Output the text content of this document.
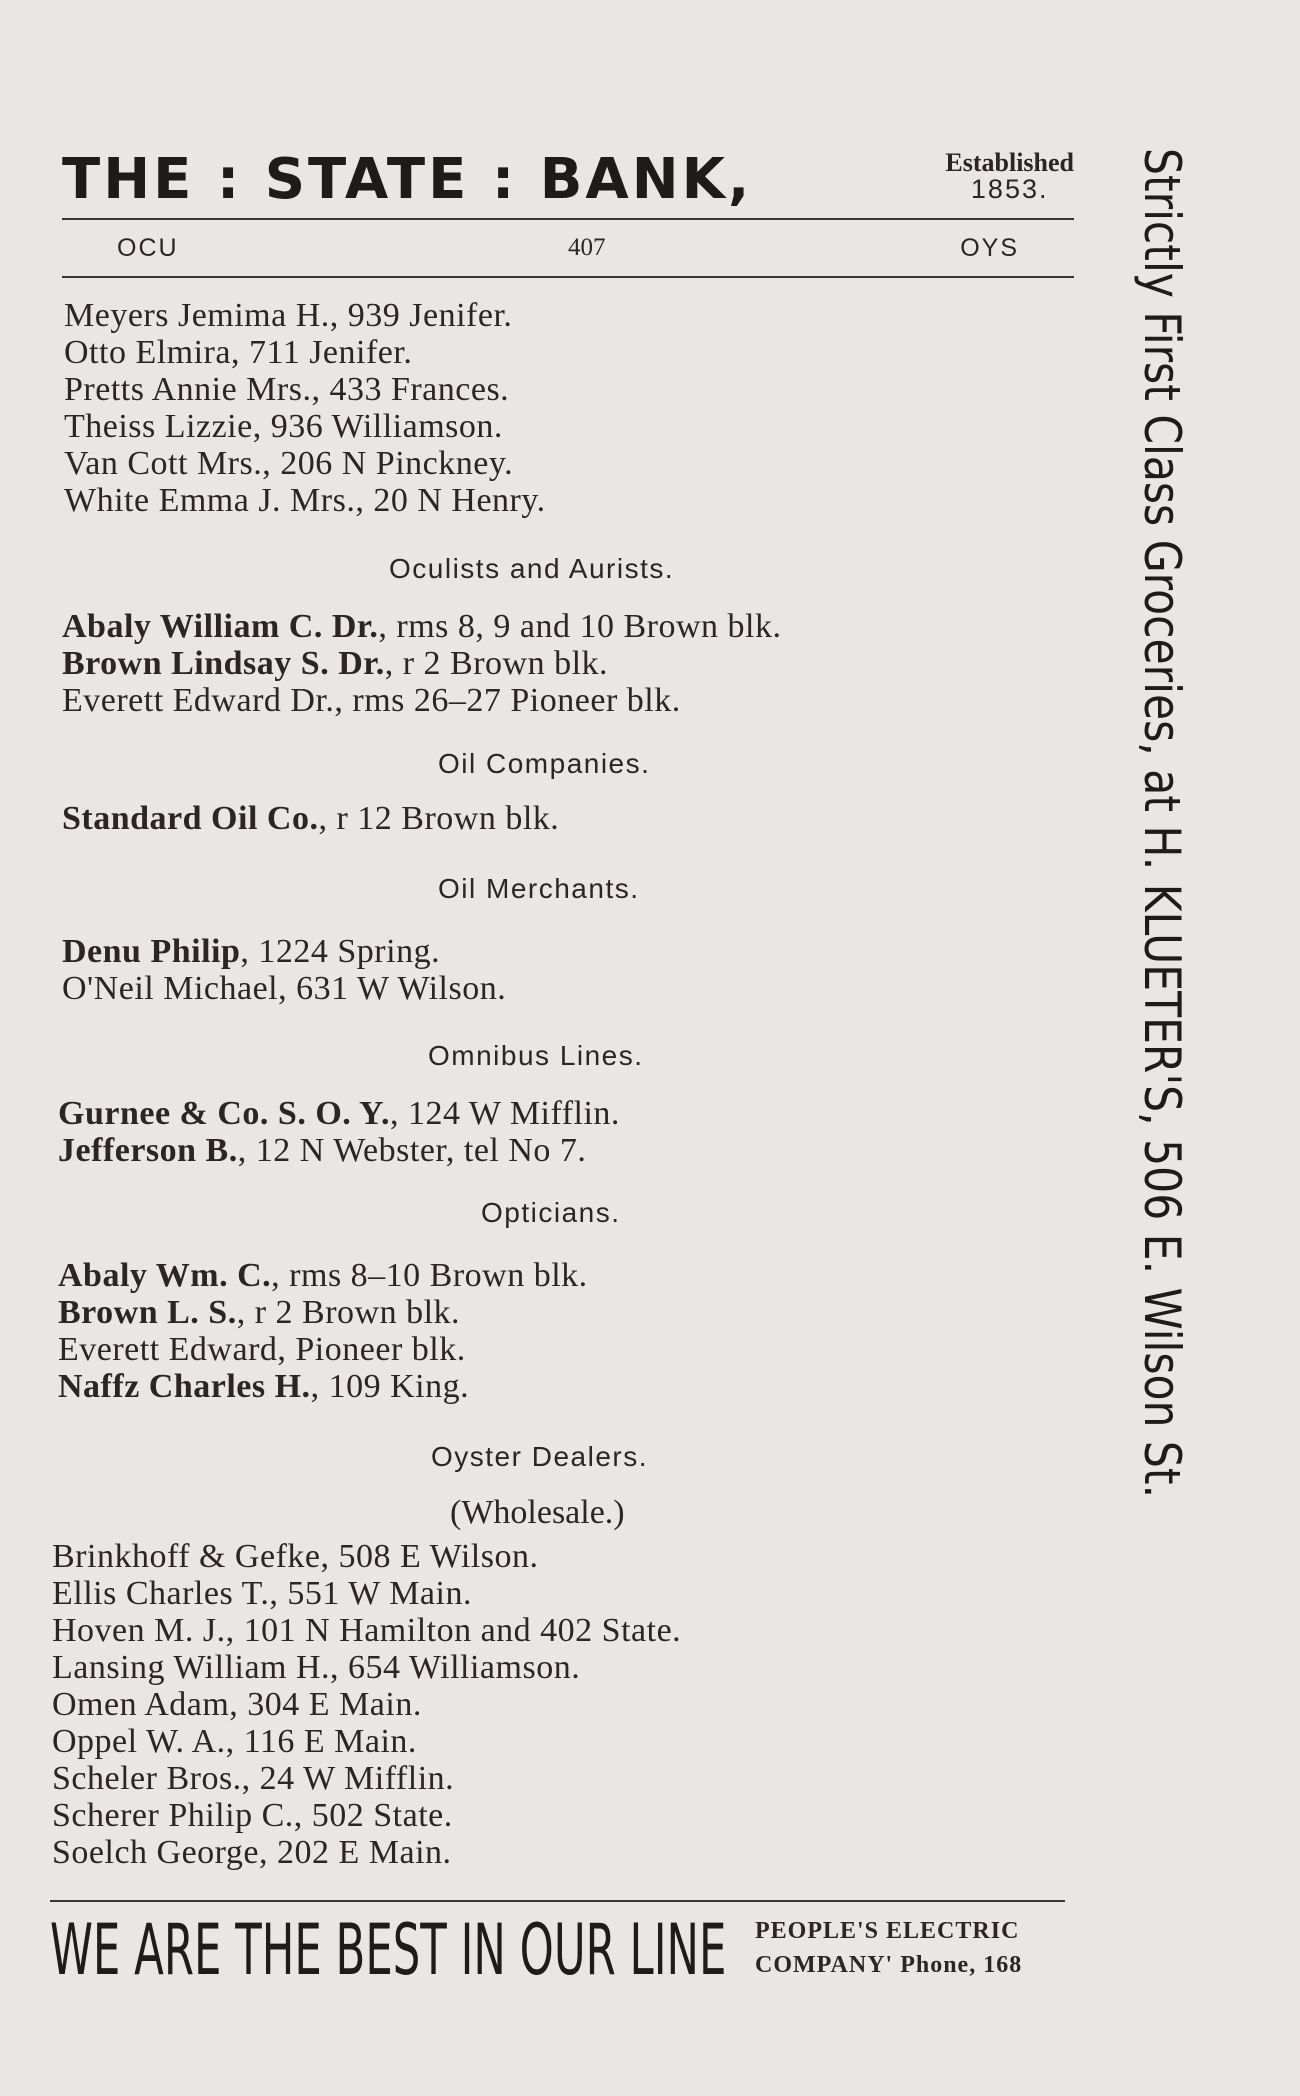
THE : STATE : BANK,	Established
1853.
OCU	407	OYS
Meyers Jemima H., 939 Jenifer.
Otto Elmira, 711 Jenifer.
Pretts Annie Mrs., 433 Frances.
Theiss Lizzie, 936 Williamson.
Van Cott Mrs., 206 N Pinckney.
White Emma J. Mrs., 20 N Henry.
Oculists and Aurists.
Abaly William C. Dr., rms 8, 9 and 10 Brown blk.
Brown Lindsay S. Dr., r 2 Brown blk.
Everett Edward Dr., rms 26–27 Pioneer blk.
Oil Companies.
Standard Oil Co., r 12 Brown blk.
Oil Merchants.
Denu Philip, 1224 Spring.
O'Neil Michael, 631 W Wilson.
Omnibus Lines.
Gurnee & Co. S. O. Y., 124 W Mifflin.
Jefferson B., 12 N Webster, tel No 7.
Opticians.
Abaly Wm. C., rms 8–10 Brown blk.
Brown L. S., r 2 Brown blk.
Everett Edward, Pioneer blk.
Naffz Charles H., 109 King.
Oyster Dealers.
(Wholesale.)
Brinkhoff & Gefke, 508 E Wilson.
Ellis Charles T., 551 W Main.
Hoven M. J., 101 N Hamilton and 402 State.
Lansing William H., 654 Williamson.
Omen Adam, 304 E Main.
Oppel W. A., 116 E Main.
Scheler Bros., 24 W Mifflin.
Scherer Philip C., 502 State.
Soelch George, 202 E Main.
WE ARE THE BEST IN OUR LINE PEOPLE'S ELECTRIC
COMPANY' Phone, 168
Strictly First Class Groceries, at H. KLUETER'S, 506 E. Wilson St.
